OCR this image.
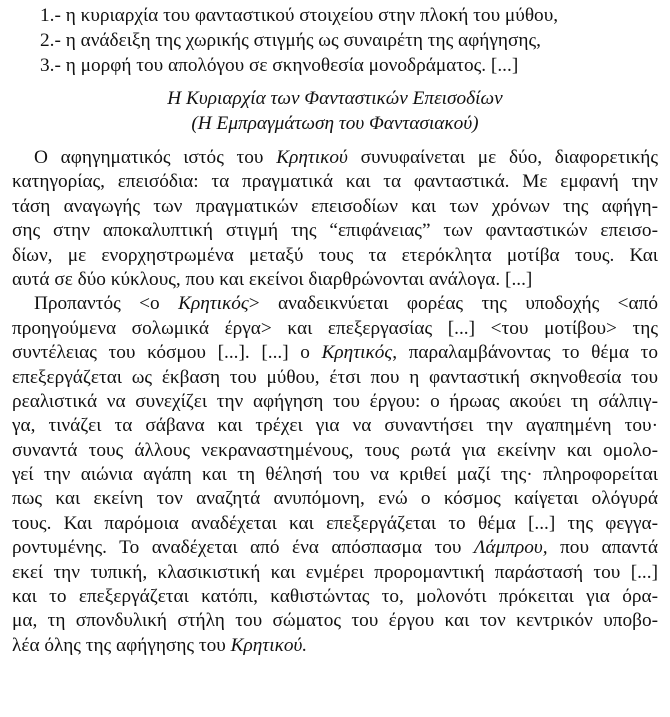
1.- η κυριαρχία του φανταστικού στοιχείου στην πλοκή του μύθου,
2.- η ανάδειξη της χωρικής στιγμής ως συναιρέτη της αφήγησης,
3.- η μορφή του απολόγου σε σκηνοθεσία μονοδράματος. [...]
Η Κυριαρχία των Φανταστικών Επεισοδίων
(Η Εμπραγμάτωση του Φαντασιακού)
Ο αφηγηματικός ιστός του Κρητικού συνυφαίνεται με δύο, διαφορετικής
κατηγορίας, επεισόδια: τα πραγματικά και τα φανταστικά. Με εμφανή την
τάση αναγωγής των πραγματικών επεισοδίων και των χρόνων της αφήγη-
σης στην αποκαλυπτική στιγμή της “επιφάνειας” των φανταστικών επεισο-
δίων, με ενορχηστρωμένα μεταξύ τους τα ετερόκλητα μοτίβα τους. Και
αυτά σε δύο κύκλους, που και εκείνοι διαρθρώνονται ανάλογα. [...]
Προπαντός <ο Κρητικός> αναδεικνύεται φορέας της υποδοχής <από
προηγούμενα σολωμικά έργα> και επεξεργασίας [...] <του μοτίβου> της
συντέλειας του κόσμου [...]. [...] ο Κρητικός, παραλαμβάνοντας το θέμα το
επεξεργάζεται ως έκβαση του μύθου, έτσι που η φανταστική σκηνοθεσία του
ρεαλιστικά να συνεχίζει την αφήγηση του έργου: ο ήρωας ακούει τη σάλπιγ-
γα, τινάζει τα σάβανα και τρέχει για να συναντήσει την αγαπημένη του·
συναντά τους άλλους νεκραναστημένους, τους ρωτά για εκείνην και ομολο-
γεί την αιώνια αγάπη και τη θέλησή του να κριθεί μαζί της· πληροφορείται
πως και εκείνη τον αναζητά ανυπόμονη, ενώ ο κόσμος καίγεται ολόγυρά
τους. Και παρόμοια αναδέχεται και επεξεργάζεται το θέμα [...] της φεγγα-
ροντυμένης. Το αναδέχεται από ένα απόσπασμα του Λάμπρου, που απαντά
εκεί την τυπική, κλασικιστική και ενμέρει προρομαντική παράστασή του [...]
και το επεξεργάζεται κατόπι, καθιστώντας το, μολονότι πρόκειται για όρα-
μα, τη σπονδυλική στήλη του σώματος του έργου και τον κεντρικόν υποβο-
λέα όλης της αφήγησης του Κρητικού.
